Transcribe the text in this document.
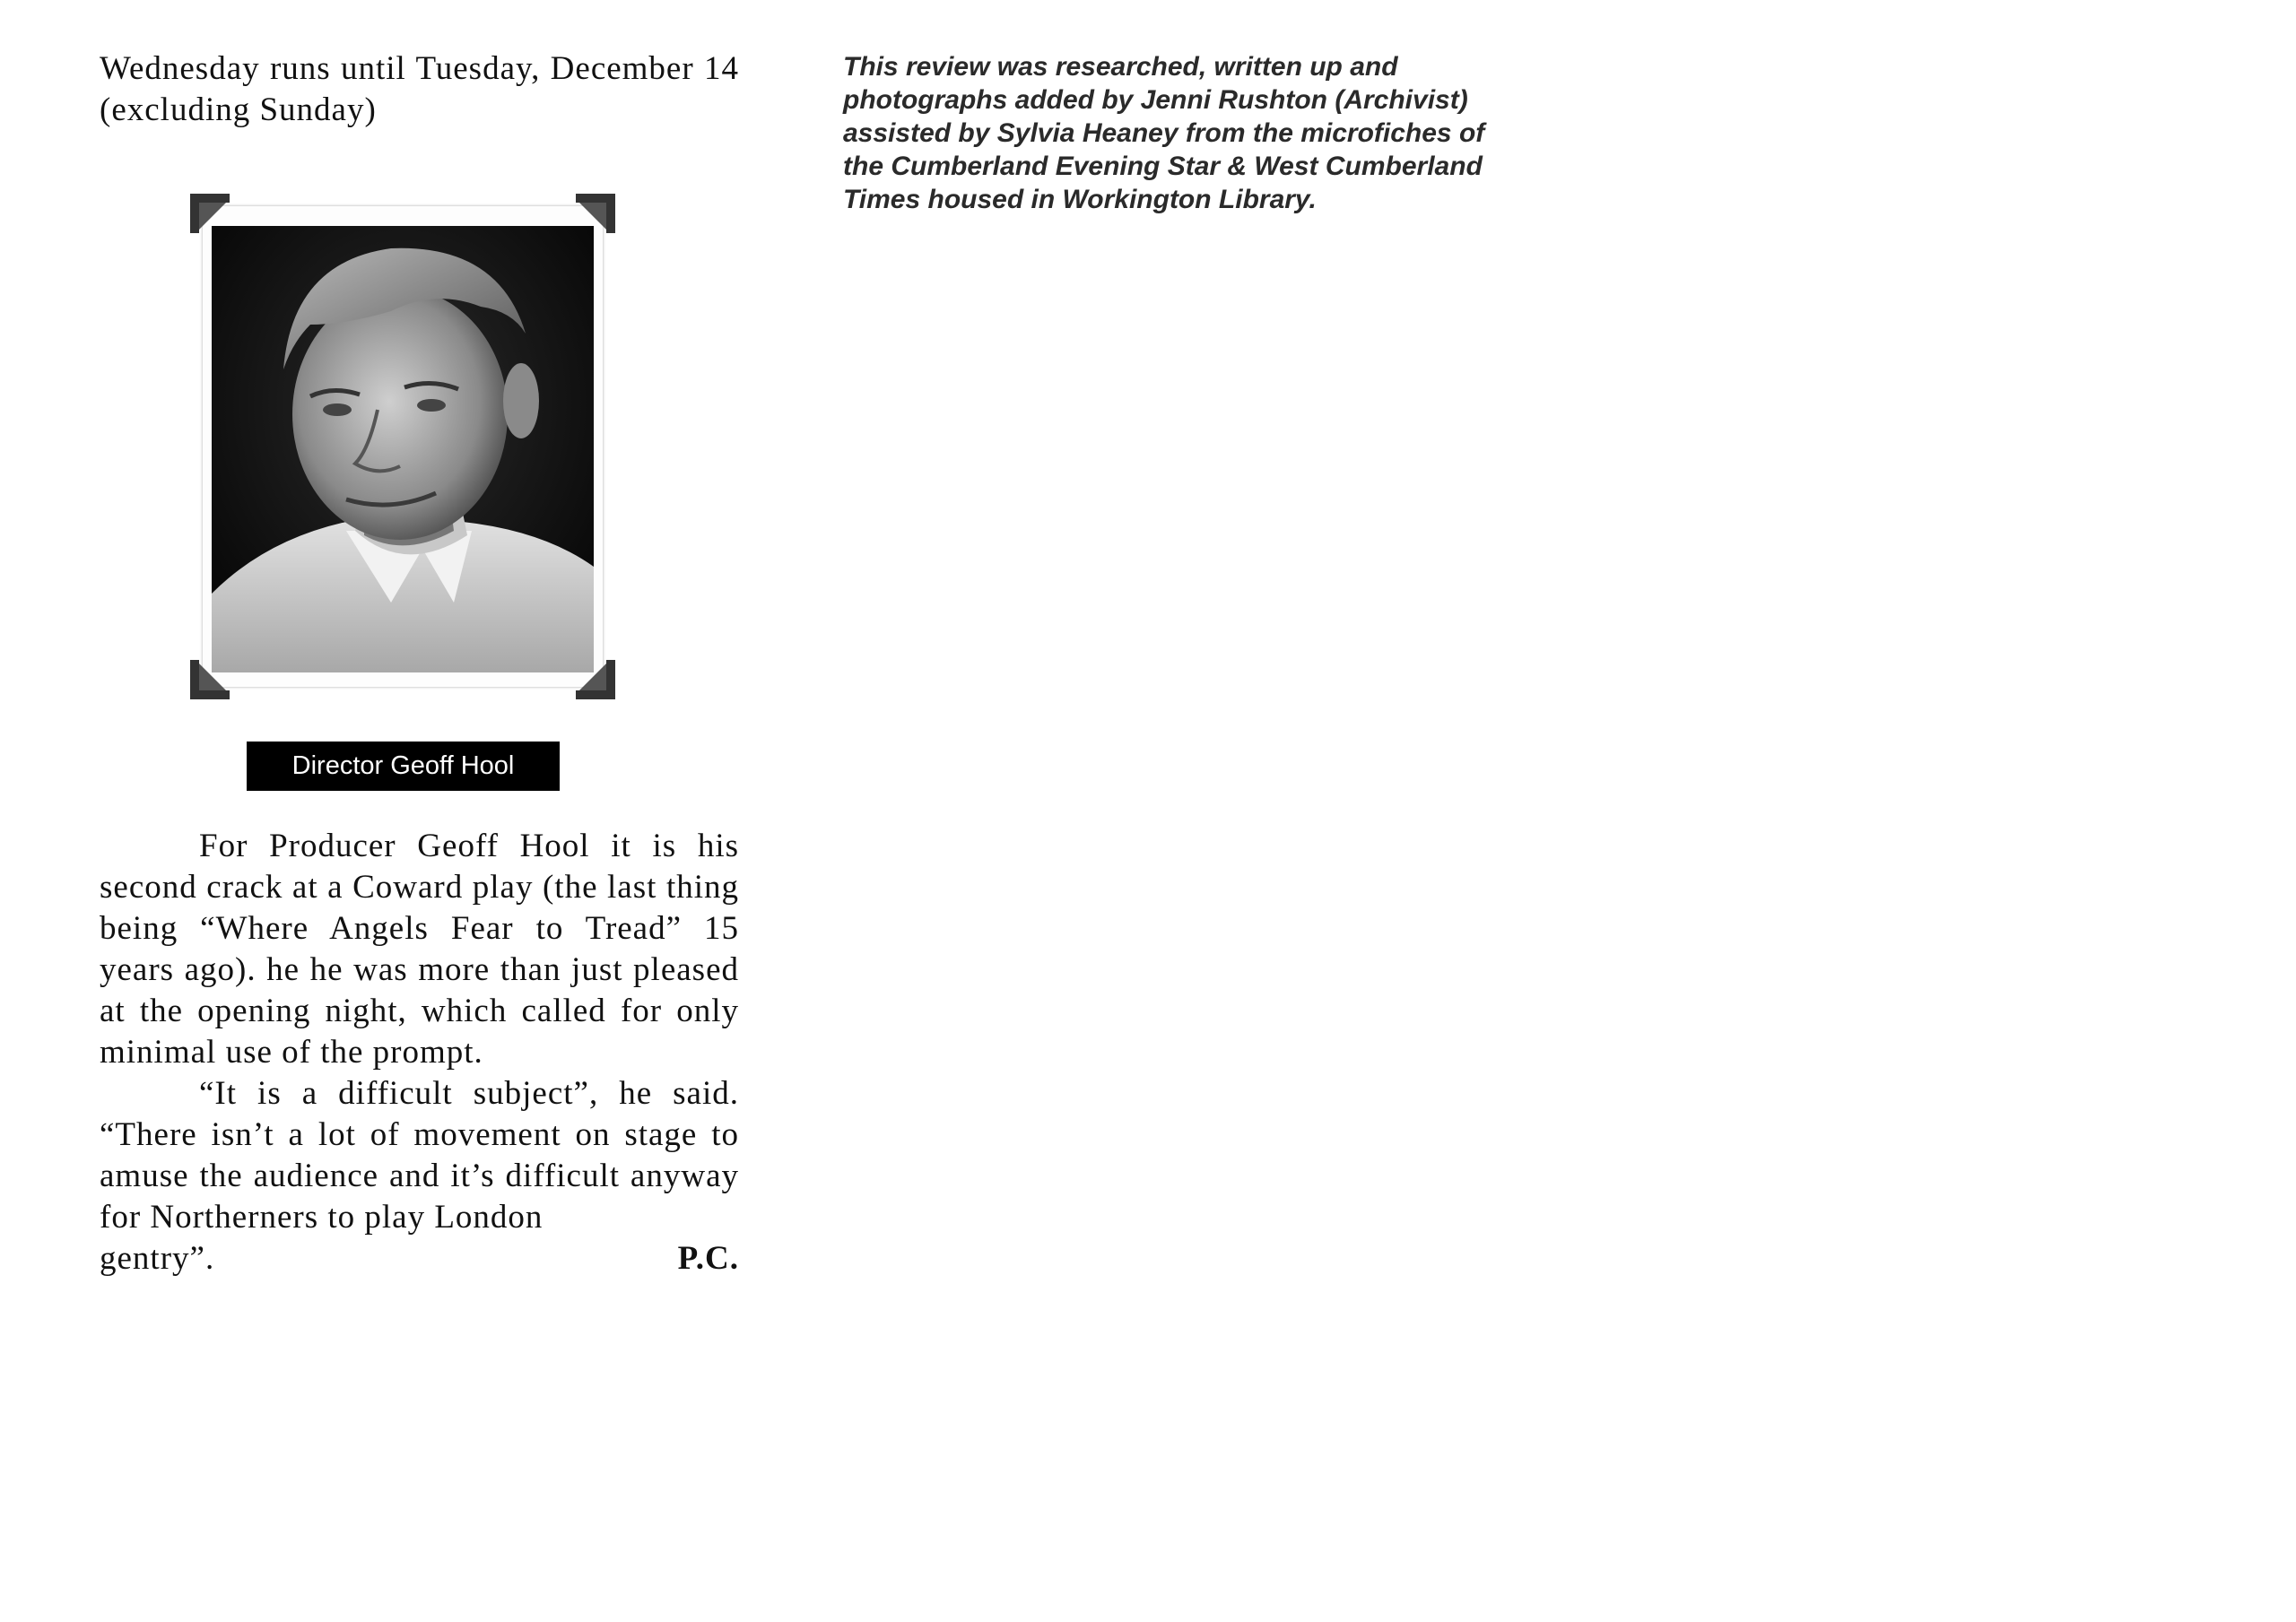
Wednesday runs until Tuesday, December 14 (excluding Sunday)

Director Geoff Hool

For Producer Geoff Hool it is his second crack at a Coward play (the last thing being “Where Angels Fear to Tread” 15 years ago). he he was more than just pleased at the opening night, which called for only minimal use of the prompt.

“It is a difficult subject”, he said. “There isn’t a lot of movement on stage to amuse the audience and it’s difficult anyway for Northerners to play London

gentry”.	P.C.

This review was researched, written up and photographs added by Jenni Rushton (Archivist) assisted by Sylvia Heaney from the microfiches of the Cumberland Evening Star & West Cumberland Times housed in Workington Library.
